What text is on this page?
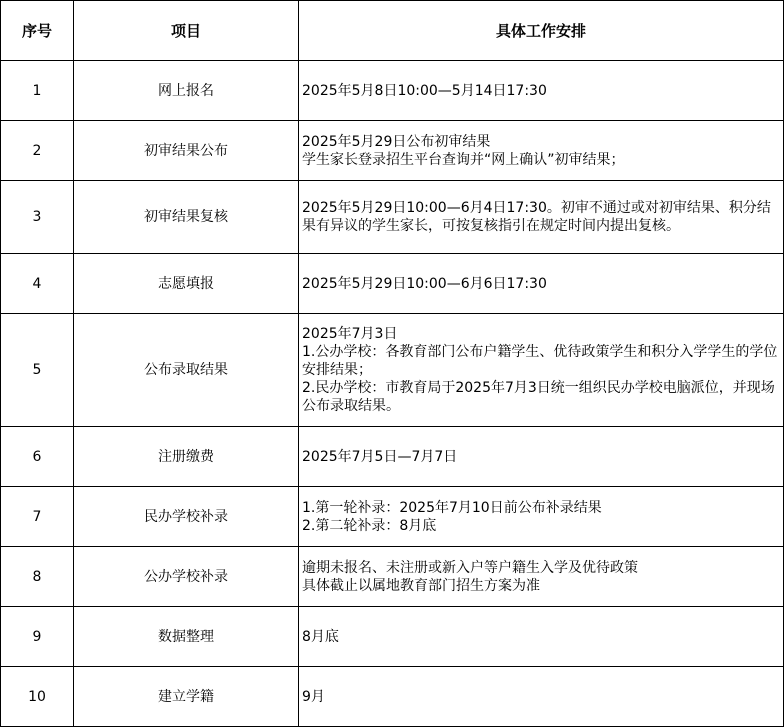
序号	项目	具体工作安排
1	网上报名	2025年5月8日10:00—5月14日17:30

2	初审结果公布	2025年5月29日公布初审结果
学生家长登录招生平台查询并“网上确认”初审结果；

3	初审结果复核	2025年5月29日10:00—6月4日17:30。初审不通过或对初审结果、积分结果有异议的学生家长，可按复核指引在规定时间内提出复核。

4	志愿填报	2025年5月29日10:00—6月6日17:30

5	公布录取结果	2025年7月3日
1.公办学校：各教育部门公布户籍学生、优待政策学生和积分入学学生的学位安排结果；
2.民办学校：市教育局于2025年7月3日统一组织民办学校电脑派位，并现场公布录取结果。

6	注册缴费	2025年7月5日—7月7日

7	民办学校补录	1.第一轮补录：2025年7月10日前公布补录结果
2.第二轮补录：8月底

8	公办学校补录	逾期未报名、未注册或新入户等户籍生入学及优待政策
具体截止以属地教育部门招生方案为准

9	数据整理	8月底

10	建立学籍	9月
